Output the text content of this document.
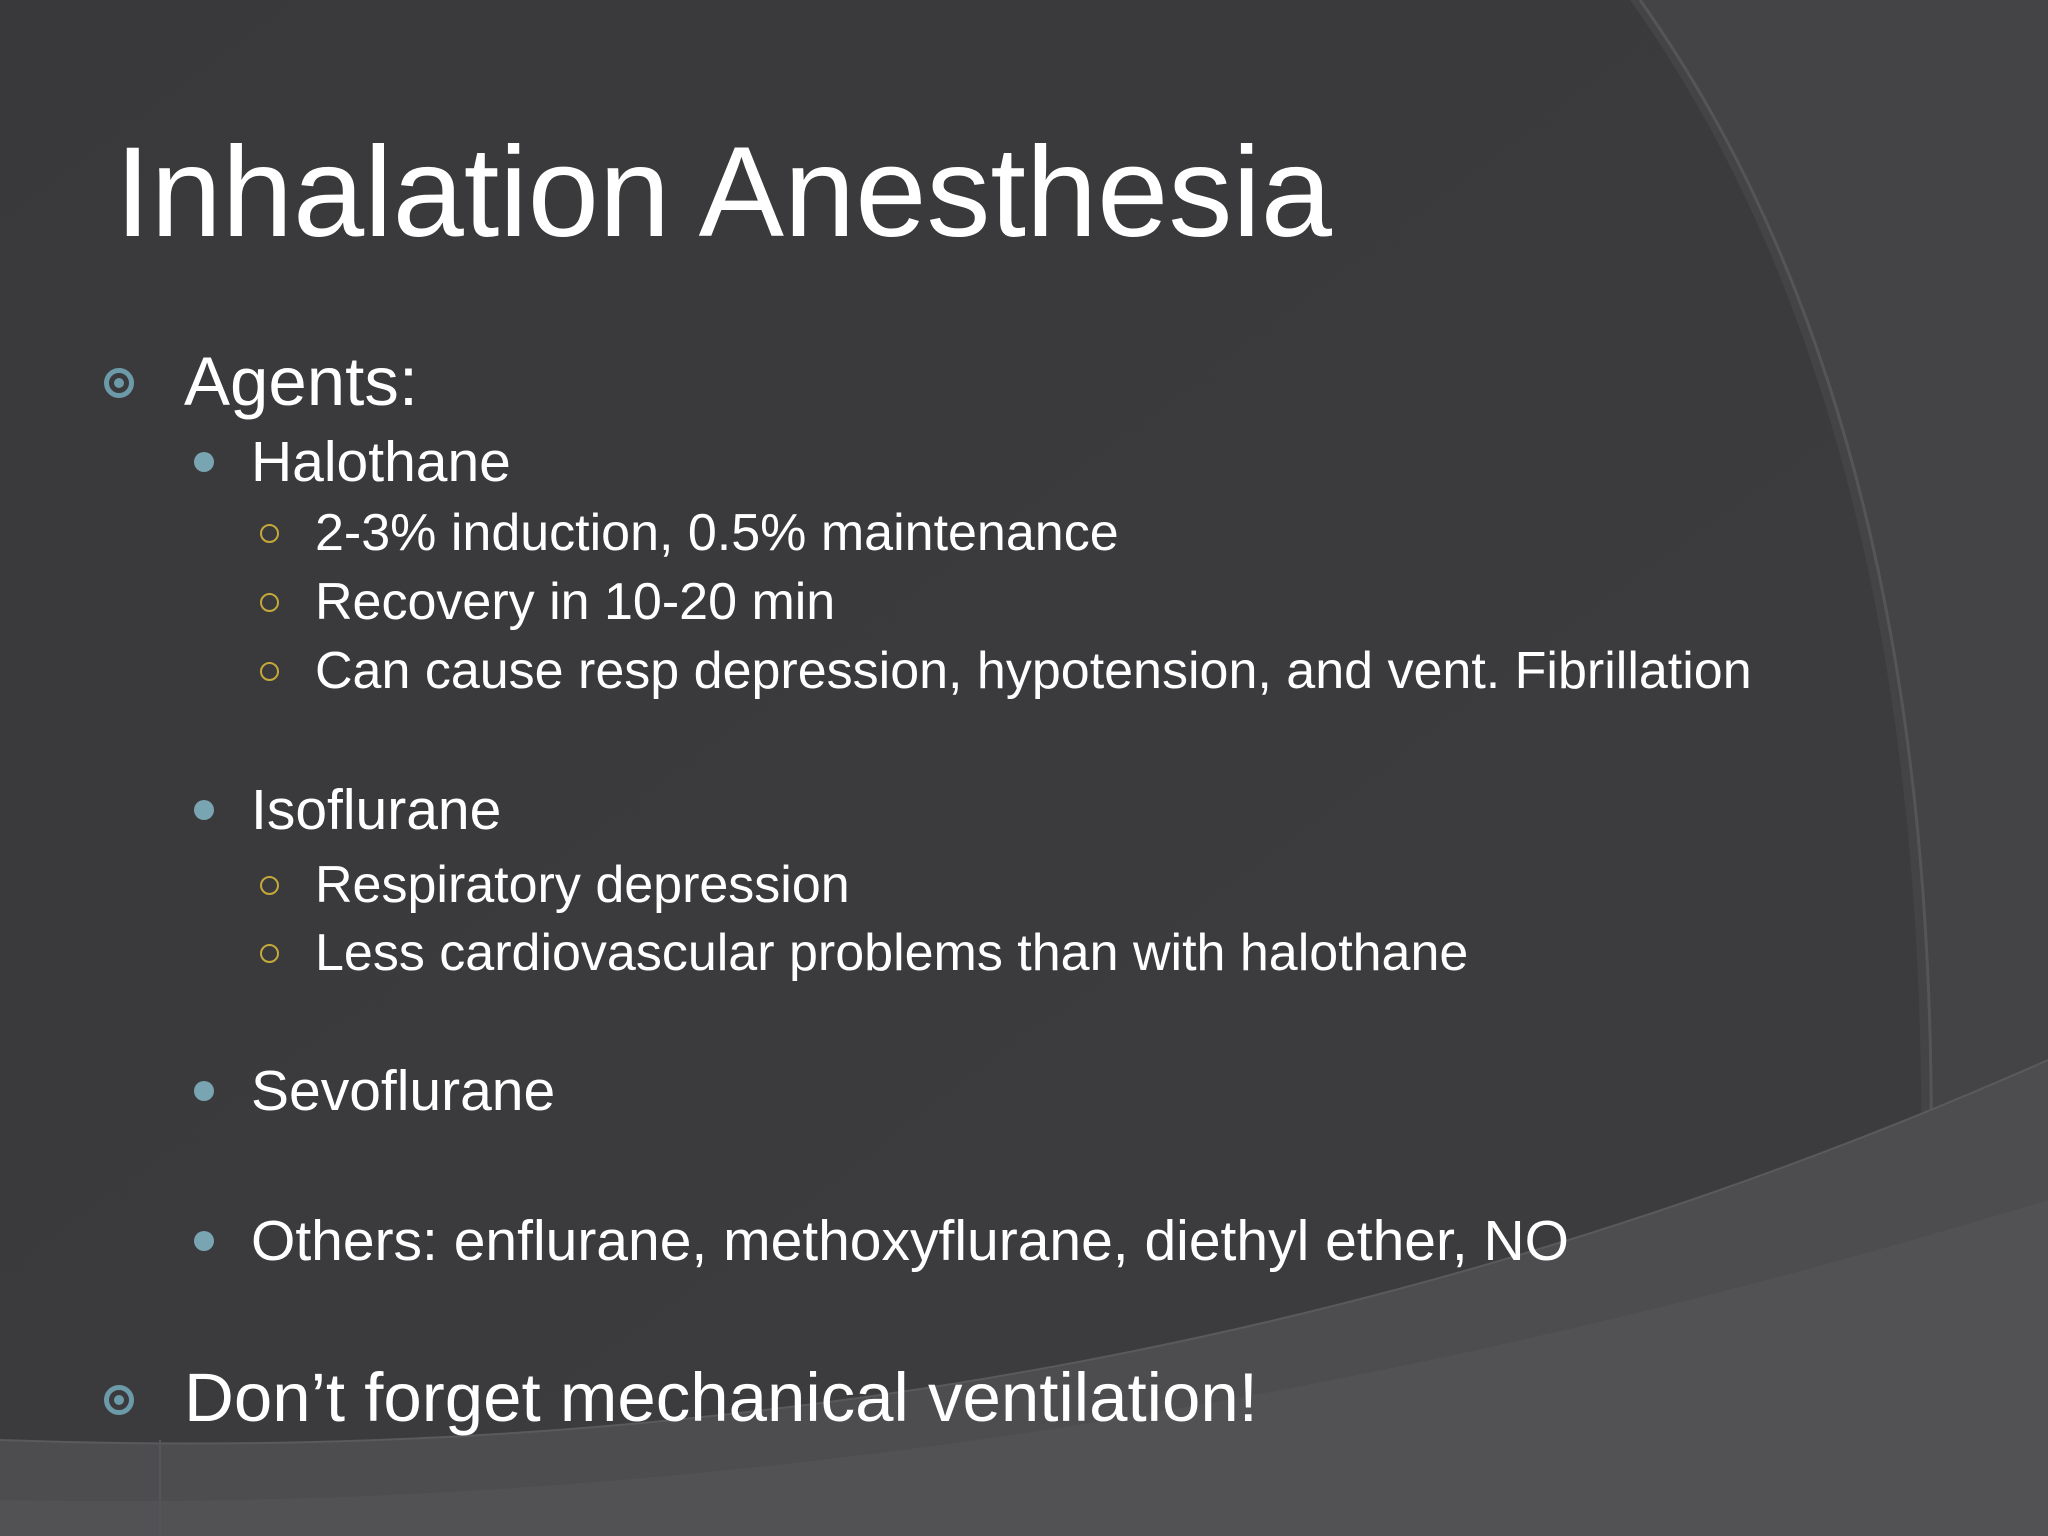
Inhalation Anesthesia
Agents:
Halothane
2-3% induction, 0.5% maintenance
Recovery in 10-20 min
Can cause resp depression, hypotension, and vent. Fibrillation
Isoflurane
Respiratory depression
Less cardiovascular problems than with halothane
Sevoflurane
Others: enflurane, methoxyflurane, diethyl ether, NO
Don’t forget mechanical ventilation!
